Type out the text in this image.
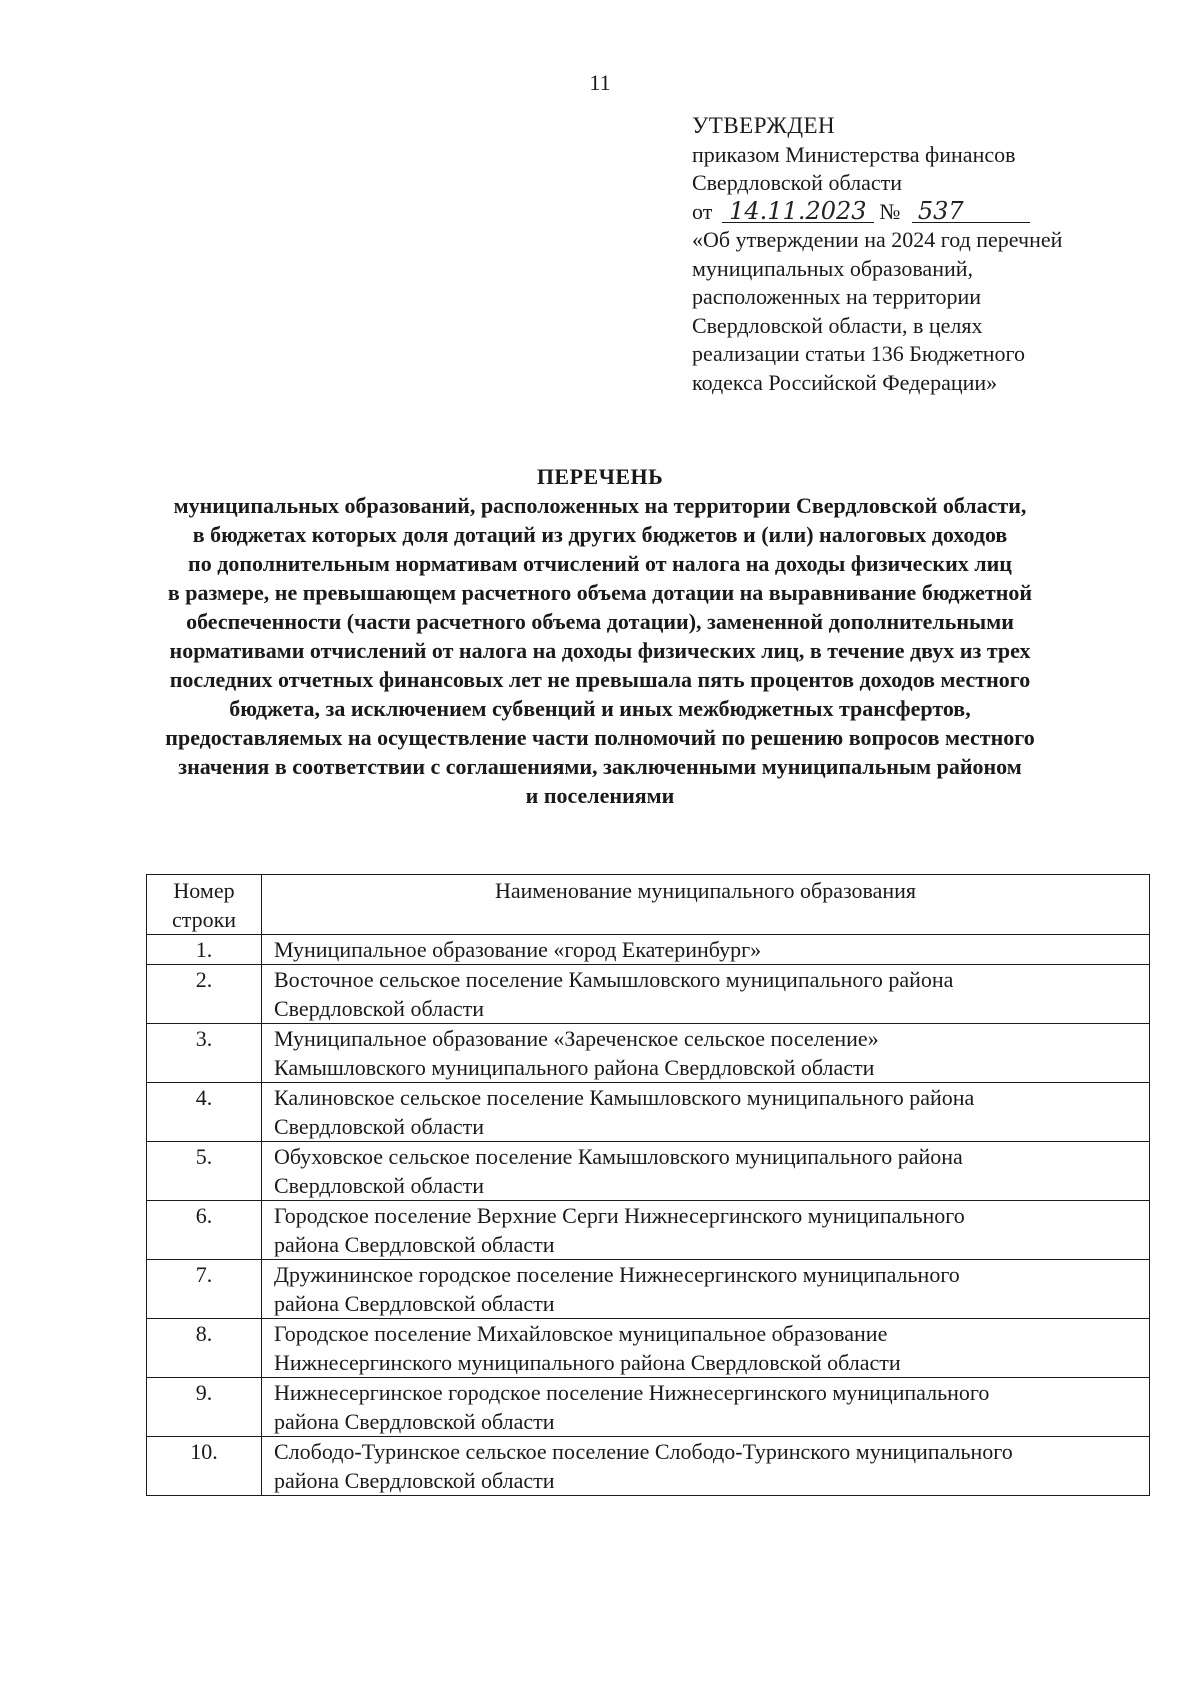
11
УТВЕРЖДЕН
приказом Министерства финансов
Свердловской области
от 14.11.2023 № 537
«Об утверждении на 2024 год перечней
муниципальных образований,
расположенных на территории
Свердловской области, в целях
реализации статьи 136 Бюджетного
кодекса Российской Федерации»
ПЕРЕЧЕНЬ
муниципальных образований, расположенных на территории Свердловской области,
в бюджетах которых доля дотаций из других бюджетов и (или) налоговых доходов
по дополнительным нормативам отчислений от налога на доходы физических лиц
в размере, не превышающем расчетного объема дотации на выравнивание бюджетной
обеспеченности (части расчетного объема дотации), замененной дополнительными
нормативами отчислений от налога на доходы физических лиц, в течение двух из трех
последних отчетных финансовых лет не превышала пять процентов доходов местного
бюджета, за исключением субвенций и иных межбюджетных трансфертов,
предоставляемых на осуществление части полномочий по решению вопросов местного
значения в соответствии с соглашениями, заключенными муниципальным районом
и поселениями
Номер
строки	Наименование муниципального образования
1.	Муниципальное образование «город Екатеринбург»

2.	Восточное сельское поселение Камышловского муниципального района
Свердловской области

3.	Муниципальное образование «Зареченское сельское поселение»
Камышловского муниципального района Свердловской области

4.	Калиновское сельское поселение Камышловского муниципального района
Свердловской области

5.	Обуховское сельское поселение Камышловского муниципального района
Свердловской области

6.	Городское поселение Верхние Серги Нижнесергинского муниципального
района Свердловской области

7.	Дружининское городское поселение Нижнесергинского муниципального
района Свердловской области

8.	Городское поселение Михайловское муниципальное образование
Нижнесергинского муниципального района Свердловской области

9.	Нижнесергинское городское поселение Нижнесергинского муниципального
района Свердловской области

10.	Слободо-Туринское сельское поселение Слободо-Туринского муниципального
района Свердловской области
